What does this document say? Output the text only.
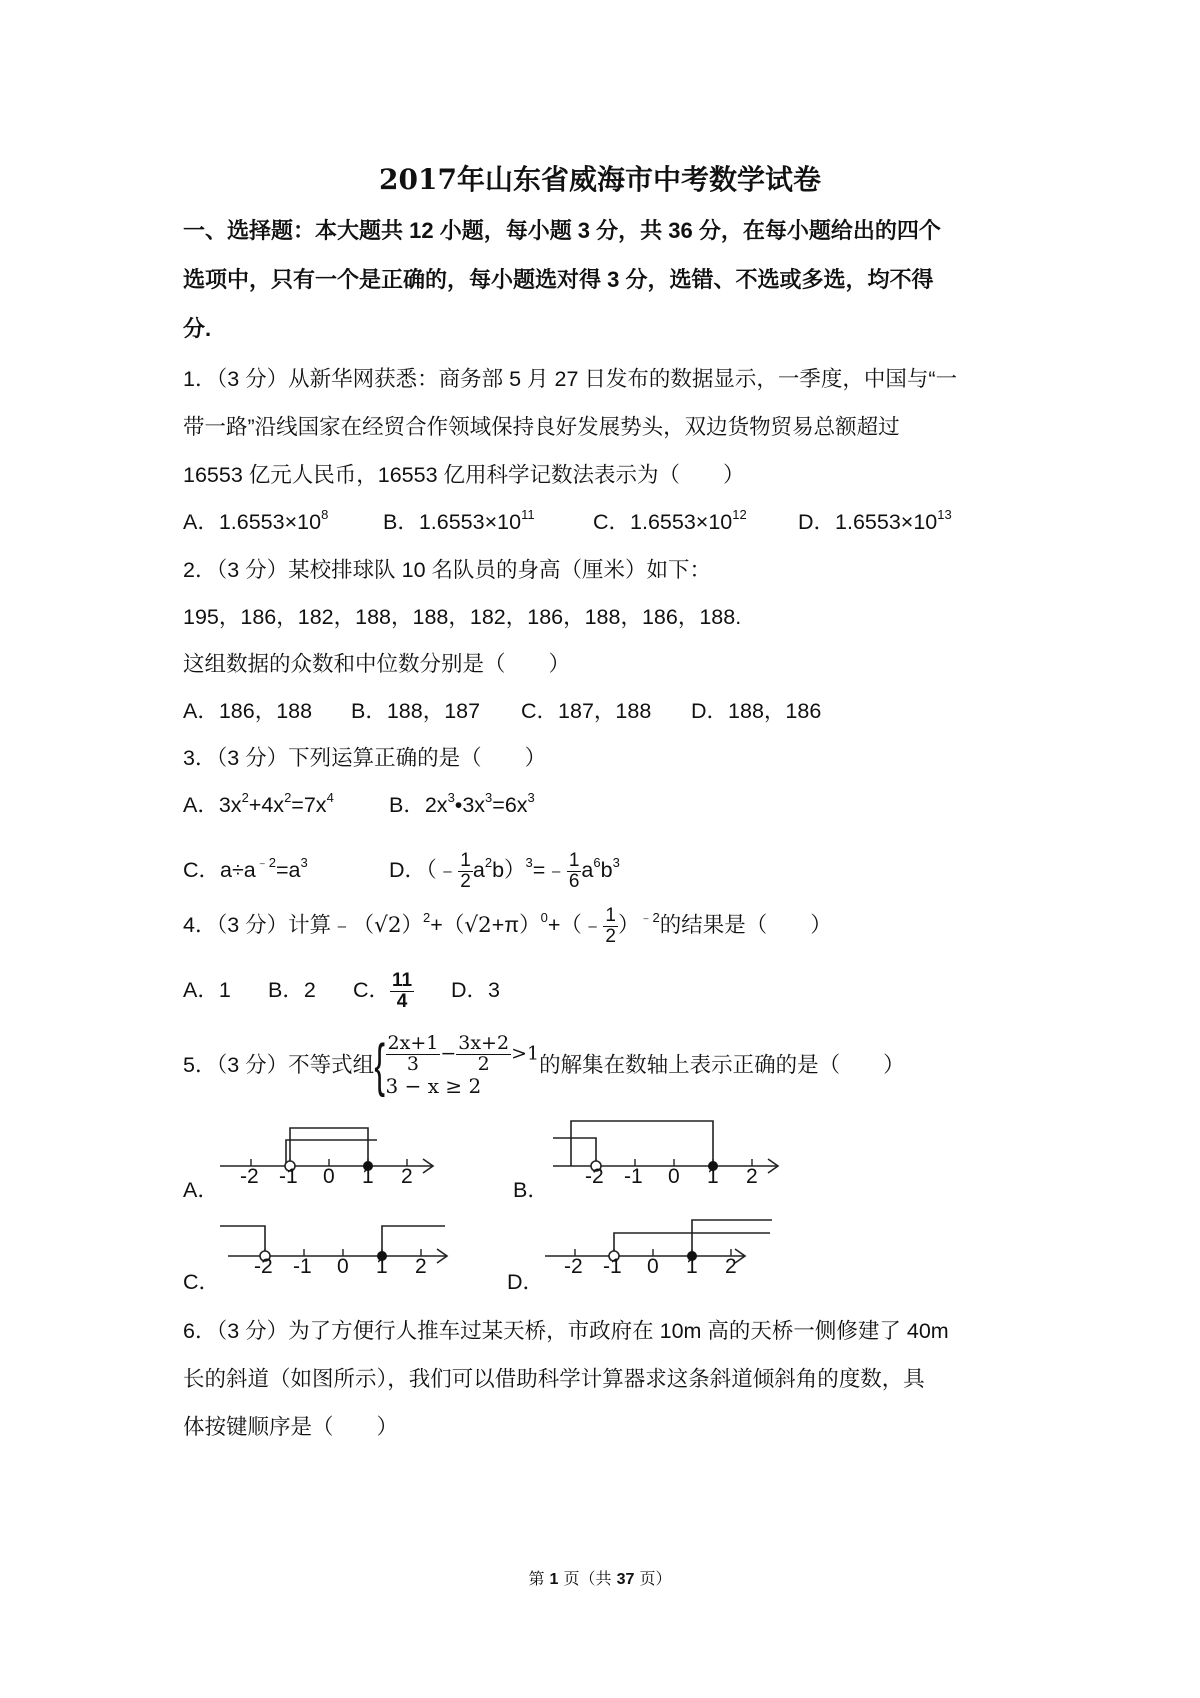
2017年山东省威海市中考数学试卷
一、选择题：本大题共 12 小题，每小题 3 分，共 36 分，在每小题给出的四个
选项中，只有一个是正确的，每小题选对得 3 分，选错、不选或多选，均不得
分.
1．（3 分）从新华网获悉：商务部 5 月 27 日发布的数据显示，一季度，中国与“一
带一路”沿线国家在经贸合作领域保持良好发展势头，双边货物贸易总额超过
16553 亿元人民币，16553 亿用科学记数法表示为（　　）
A．$1.6553\times 10^8$	B．$1.6553\times 10^{11}$	C．$1.6553\times 10^{12}$ D．$1.6553\times 10^{13}$
2．（3 分）某校排球队 10 名队员的身高（厘米）如下：
195，186，182，188，188，182，186，188，186，188.
这组数据的众数和中位数分别是（　　）
A．186，188 B．188，187 C．187，188 D．188，186
3．（3 分）下列运算正确的是（　　）
A．$3x^2+4x^2=7x^4$	B．$2x^3•3x^3=6x^3$
C．$a\div a^{﹣2}=a^3$	D．（﹣ $\frac{1}{2}$ $a^2b)^3=﹣ \frac{1}{6} a^6b^3$
4．（3 分）计算$﹣(√2)^2+(√2+\pi)^0+(﹣ \frac{1}{2} )^{﹣2}$的结果是（　　）
A．1 B．2 C． $\frac{11}{4}$ D．3
5．（3 分）不等式组{ $\frac{2x+1}{3} - \frac{3x+2}{2} >1$
3 − x ≥ 2
的解集在数轴上表示正确的是（　　）
A．	B．
C．	D．
-2 -1 0 1 2	-2 -1 0 1 2
-2 -1 0 1 2	-2 -1 0 1 2
6．（3 分）为了方便行人推车过某天桥，市政府在 10m 高的天桥一侧修建了 40m
长的斜道（如图所示），我们可以借助科学计算器求这条斜道倾斜角的度数，具
体按键顺序是（　　）
第 1 页（共 37 页）
